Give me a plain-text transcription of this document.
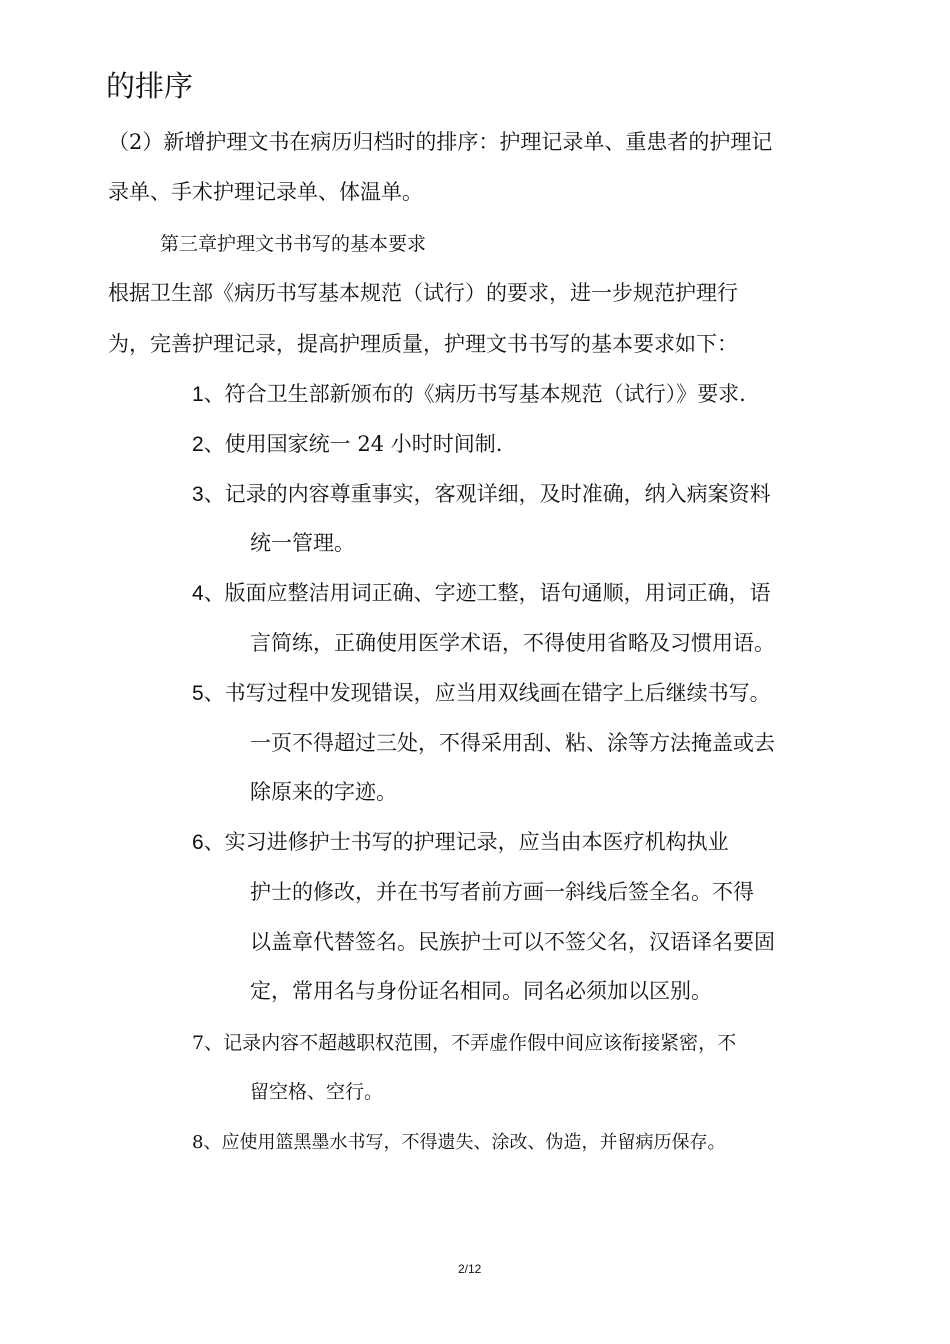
的排序
（2）新增护理文书在病历归档时的排序：护理记录单、重患者的护理记
录单、手术护理记录单、体温单。
第三章护理文书书写的基本要求
根据卫生部《病历书写基本规范（试行）的要求，进一步规范护理行
为，完善护理记录，提高护理质量，护理文书书写的基本要求如下：
1、符合卫生部新颁布的《病历书写基本规范（试行）》要求.
2、使用国家统一 24 小时时间制.
3、记录的内容尊重事实，客观详细，及时准确，纳入病案资料
统一管理。
4、版面应整洁用词正确、字迹工整，语句通顺，用词正确，语
言简练，正确使用医学术语，不得使用省略及习惯用语。
5、书写过程中发现错误，应当用双线画在错字上后继续书写。
一页不得超过三处，不得采用刮、粘、涂等方法掩盖或去
除原来的字迹。
6、实习进修护士书写的护理记录，应当由本医疗机构执业
护士的修改，并在书写者前方画一斜线后签全名。不得
以盖章代替签名。民族护士可以不签父名，汉语译名要固
定，常用名与身份证名相同。同名必须加以区别。
7、记录内容不超越职权范围，不弄虚作假中间应该衔接紧密，不
留空格、空行。
8、应使用篮黑墨水书写，不得遗失、涂改、伪造，并留病历保存。
2/12
